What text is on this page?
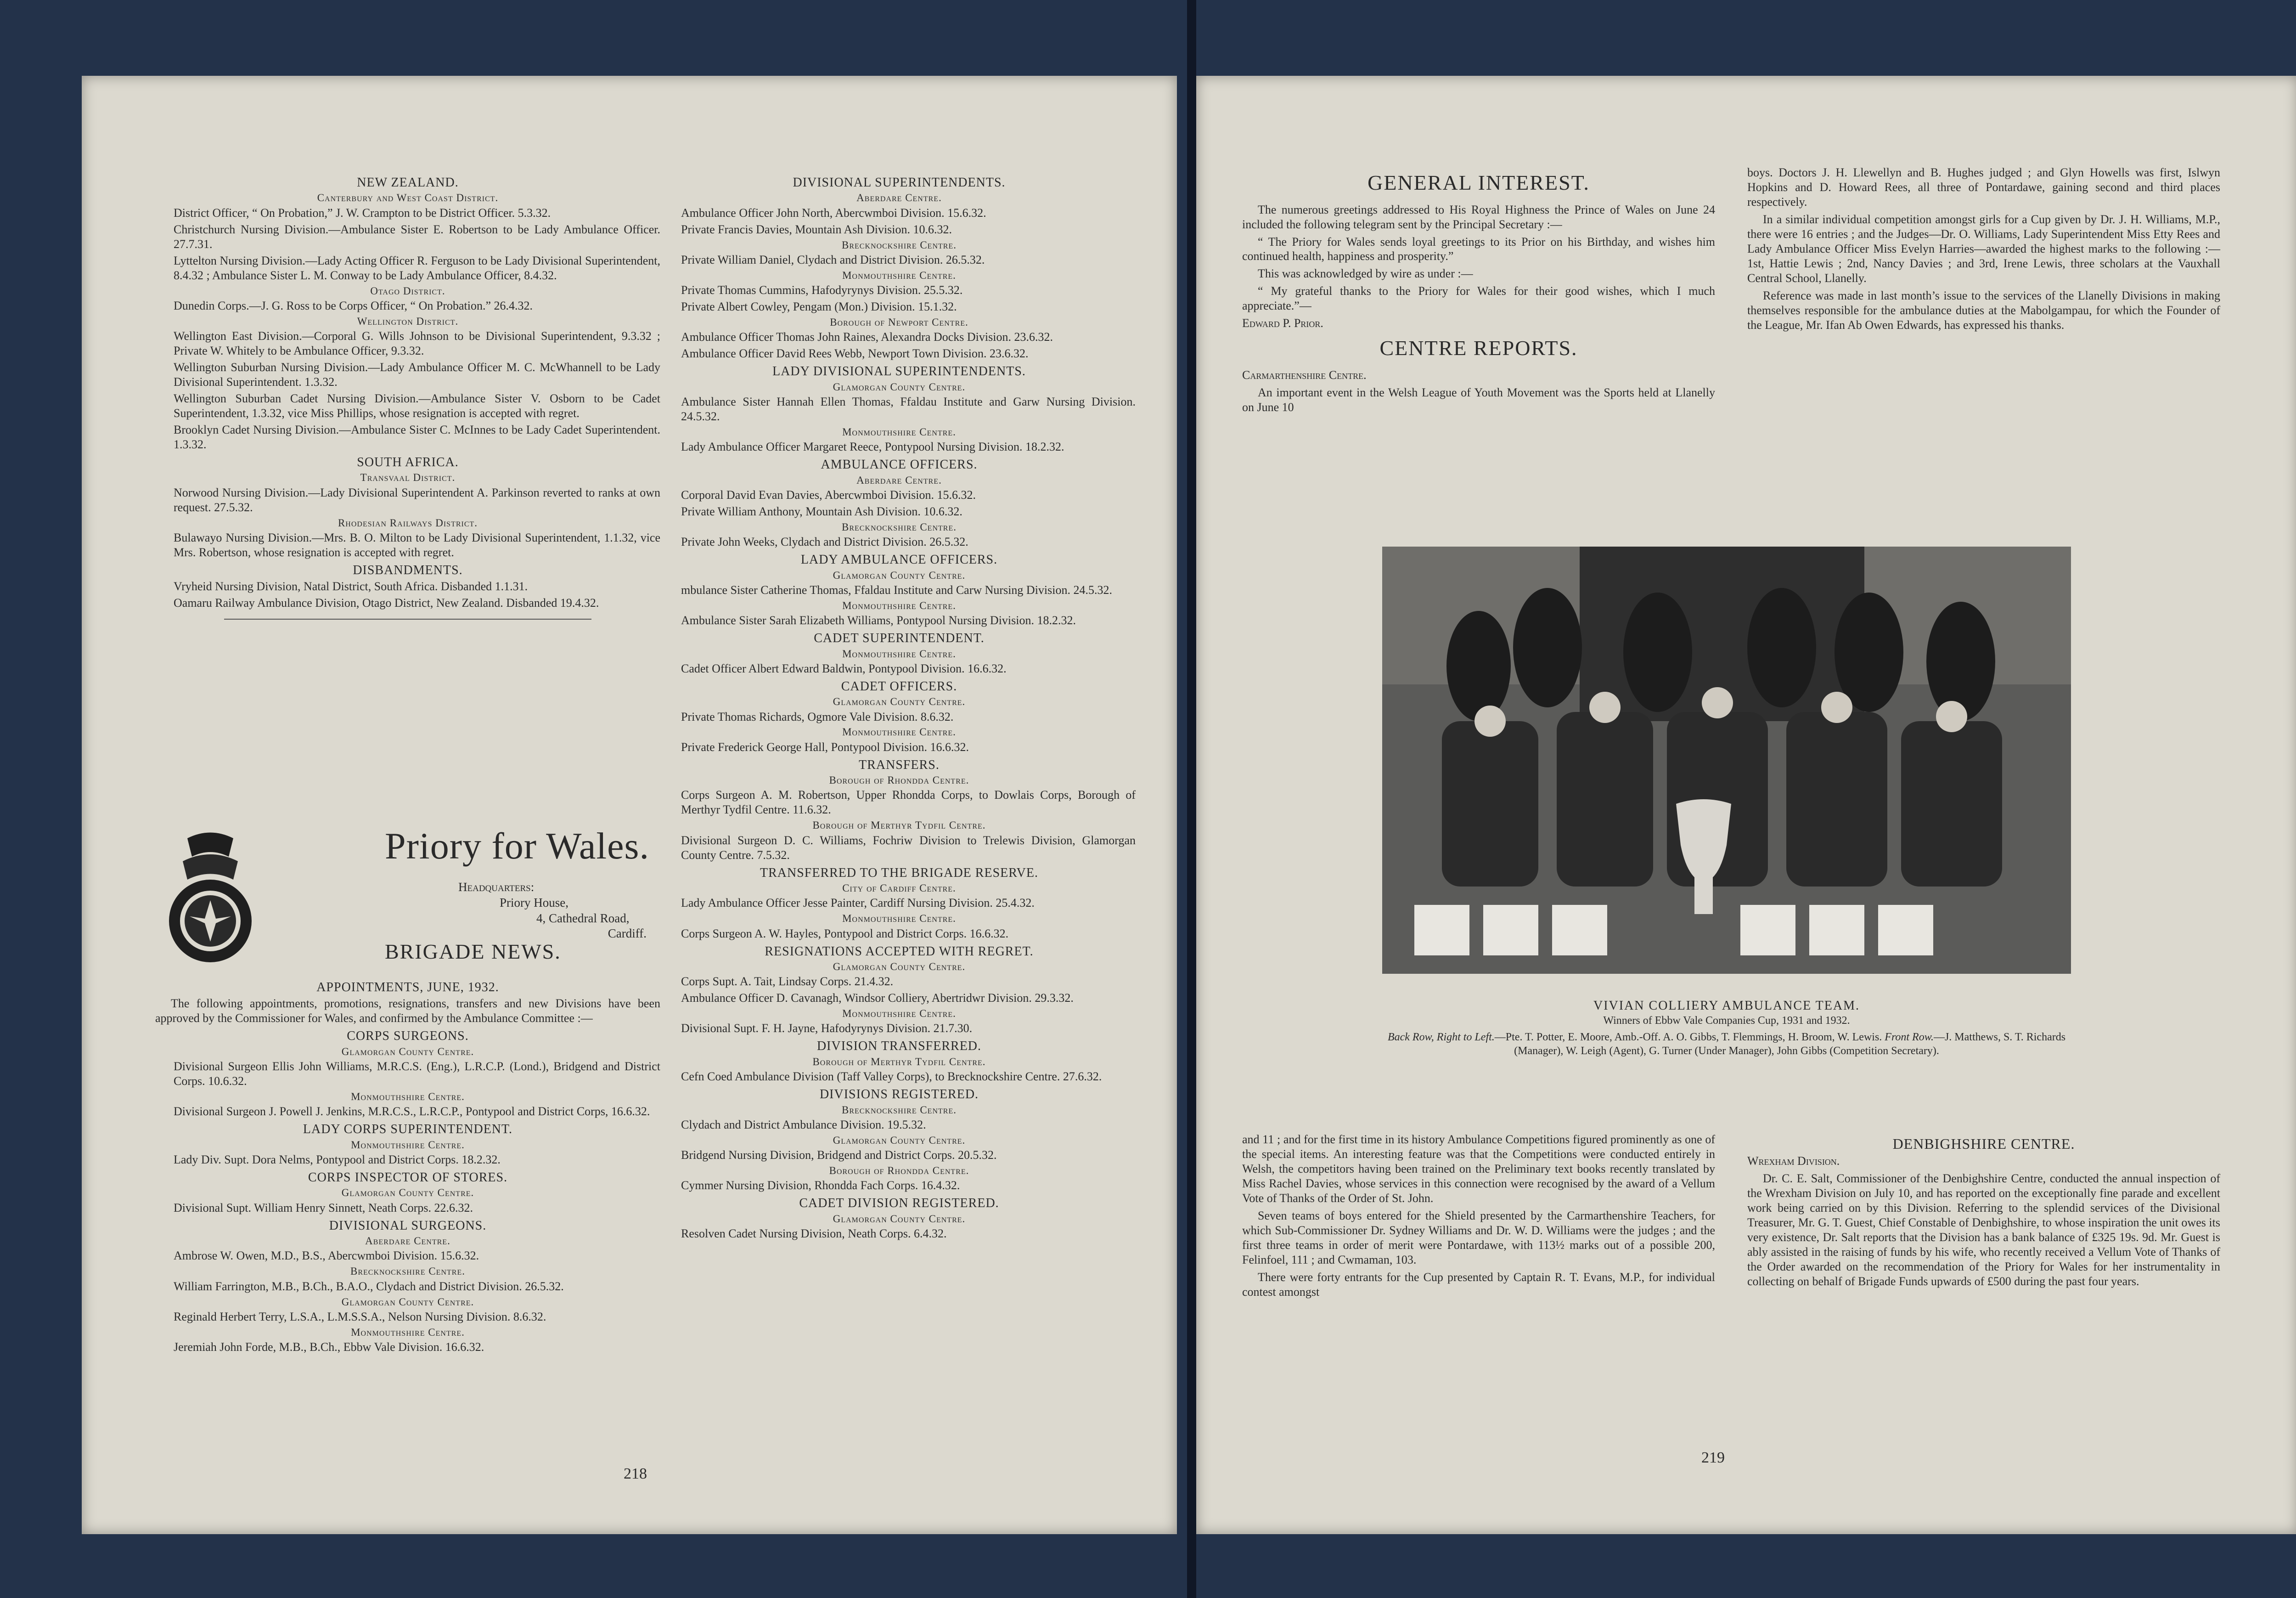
NEW ZEALAND.
Canterbury and West Coast District.

District Officer, “ On Probation,” J. W. Crampton to be District Officer. 5.3.32.

Christchurch Nursing Division.—Ambulance Sister E. Robertson to be Lady Ambulance Officer. 27.7.31.

Lyttelton Nursing Division.—Lady Acting Officer R. Ferguson to be Lady Divisional Superintendent, 8.4.32 ; Ambulance Sister L. M. Conway to be Lady Ambulance Officer, 8.4.32.

Otago District.

Dunedin Corps.—J. G. Ross to be Corps Officer, “ On Probation.” 26.4.32.

Wellington District.

Wellington East Division.—Corporal G. Wills Johnson to be Divisional Superintendent, 9.3.32 ; Private W. Whitely to be Ambulance Officer, 9.3.32.

Wellington Suburban Nursing Division.—Lady Ambulance Officer M. C. McWhannell to be Lady Divisional Superintendent. 1.3.32.

Wellington Suburban Cadet Nursing Division.—Ambulance Sister V. Osborn to be Cadet Superintendent, 1.3.32, vice Miss Phillips, whose resignation is accepted with regret.

Brooklyn Cadet Nursing Division.—Ambulance Sister C. McInnes to be Lady Cadet Superintendent. 1.3.32.

SOUTH AFRICA.
Transvaal District.

Norwood Nursing Division.—Lady Divisional Superintendent A. Parkinson reverted to ranks at own request. 27.5.32.

Rhodesian Railways District.

Bulawayo Nursing Division.—Mrs. B. O. Milton to be Lady Divisional Superintendent, 1.1.32, vice Mrs. Robertson, whose resignation is accepted with regret.

DISBANDMENTS.

Vryheid Nursing Division, Natal District, South Africa. Disbanded 1.1.31.

Oamaru Railway Ambulance Division, Otago District, New Zealand. Disbanded 19.4.32.

Priory for Wales.
Headquarters:
Priory House,
4, Cathedral Road,
Cardiff.
BRIGADE NEWS.
APPOINTMENTS, JUNE, 1932.

The following appointments, promotions, resignations, transfers and new Divisions have been approved by the Commissioner for Wales, and confirmed by the Ambulance Committee :—

CORPS SURGEONS.
Glamorgan County Centre.

Divisional Surgeon Ellis John Williams, M.R.C.S. (Eng.), L.R.C.P. (Lond.), Bridgend and District Corps. 10.6.32.

Monmouthshire Centre.

Divisional Surgeon J. Powell J. Jenkins, M.R.C.S., L.R.C.P., Pontypool and District Corps, 16.6.32.

LADY CORPS SUPERINTENDENT.
Monmouthshire Centre.

Lady Div. Supt. Dora Nelms, Pontypool and District Corps. 18.2.32.

CORPS INSPECTOR OF STORES.
Glamorgan County Centre.

Divisional Supt. William Henry Sinnett, Neath Corps. 22.6.32.

DIVISIONAL SURGEONS.
Aberdare Centre.

Ambrose W. Owen, M.D., B.S., Abercwmboi Division. 15.6.32.

Brecknockshire Centre.

William Farrington, M.B., B.Ch., B.A.O., Clydach and District Division. 26.5.32.

Glamorgan County Centre.

Reginald Herbert Terry, L.S.A., L.M.S.S.A., Nelson Nursing Division. 8.6.32.

Monmouthshire Centre.

Jeremiah John Forde, M.B., B.Ch., Ebbw Vale Division. 16.6.32.

DIVISIONAL SUPERINTENDENTS.
Aberdare Centre.

Ambulance Officer John North, Abercwmboi Division. 15.6.32.

Private Francis Davies, Mountain Ash Division. 10.6.32.

Brecknockshire Centre.

Private William Daniel, Clydach and District Division. 26.5.32.

Monmouthshire Centre.

Private Thomas Cummins, Hafodyrynys Division. 25.5.32.

Private Albert Cowley, Pengam (Mon.) Division. 15.1.32.

Borough of Newport Centre.

Ambulance Officer Thomas John Raines, Alexandra Docks Division. 23.6.32.

Ambulance Officer David Rees Webb, Newport Town Division. 23.6.32.

LADY DIVISIONAL SUPERINTENDENTS.
Glamorgan County Centre.

Ambulance Sister Hannah Ellen Thomas, Ffaldau Institute and Garw Nursing Division. 24.5.32.

Monmouthshire Centre.

Lady Ambulance Officer Margaret Reece, Pontypool Nursing Division. 18.2.32.

AMBULANCE OFFICERS.
Aberdare Centre.

Corporal David Evan Davies, Abercwmboi Division. 15.6.32.

Private William Anthony, Mountain Ash Division. 10.6.32.

Brecknockshire Centre.

Private John Weeks, Clydach and District Division. 26.5.32.

LADY AMBULANCE OFFICERS.
Glamorgan County Centre.

mbulance Sister Catherine Thomas, Ffaldau Institute and Carw Nursing Division. 24.5.32.

Monmouthshire Centre.

Ambulance Sister Sarah Elizabeth Williams, Pontypool Nursing Division. 18.2.32.

CADET SUPERINTENDENT.
Monmouthshire Centre.

Cadet Officer Albert Edward Baldwin, Pontypool Division. 16.6.32.

CADET OFFICERS.
Glamorgan County Centre.

Private Thomas Richards, Ogmore Vale Division. 8.6.32.

Monmouthshire Centre.

Private Frederick George Hall, Pontypool Division. 16.6.32.

TRANSFERS.
Borough of Rhondda Centre.

Corps Surgeon A. M. Robertson, Upper Rhondda Corps, to Dowlais Corps, Borough of Merthyr Tydfil Centre. 11.6.32.

Borough of Merthyr Tydfil Centre.

Divisional Surgeon D. C. Williams, Fochriw Division to Trelewis Division, Glamorgan County Centre. 7.5.32.

TRANSFERRED TO THE BRIGADE RESERVE.
City of Cardiff Centre.

Lady Ambulance Officer Jesse Painter, Cardiff Nursing Division. 25.4.32.

Monmouthshire Centre.

Corps Surgeon A. W. Hayles, Pontypool and District Corps. 16.6.32.

RESIGNATIONS ACCEPTED WITH REGRET.
Glamorgan County Centre.

Corps Supt. A. Tait, Lindsay Corps. 21.4.32.

Ambulance Officer D. Cavanagh, Windsor Colliery, Abertridwr Division. 29.3.32.

Monmouthshire Centre.

Divisional Supt. F. H. Jayne, Hafodyrynys Division. 21.7.30.

DIVISION TRANSFERRED.
Borough of Merthyr Tydfil Centre.

Cefn Coed Ambulance Division (Taff Valley Corps), to Brecknockshire Centre. 27.6.32.

DIVISIONS REGISTERED.
Brecknockshire Centre.

Clydach and District Ambulance Division. 19.5.32.

Glamorgan County Centre.

Bridgend Nursing Division, Bridgend and District Corps. 20.5.32.

Borough of Rhondda Centre.

Cymmer Nursing Division, Rhondda Fach Corps. 16.4.32.

CADET DIVISION REGISTERED.
Glamorgan County Centre.

Resolven Cadet Nursing Division, Neath Corps. 6.4.32.

218
GENERAL INTEREST.

The numerous greetings addressed to His Royal Highness the Prince of Wales on June 24 included the following telegram sent by the Principal Secretary :—

“ The Priory for Wales sends loyal greetings to its Prior on his Birthday, and wishes him continued health, happiness and prosperity.”

This was acknowledged by wire as under :—

“ My grateful thanks to the Priory for Wales for their good wishes, which I much appreciate.”—

Edward P. Prior.

CENTRE REPORTS.

Carmarthenshire Centre.

An important event in the Welsh League of Youth Movement was the Sports held at Llanelly on June 10

boys. Doctors J. H. Llewellyn and B. Hughes judged ; and Glyn Howells was first, Islwyn Hopkins and D. Howard Rees, all three of Pontardawe, gaining second and third places respectively.

In a similar individual competition amongst girls for a Cup given by Dr. J. H. Williams, M.P., there were 16 entries ; and the Judges—Dr. O. Williams, Lady Superintendent Miss Etty Rees and Lady Ambulance Officer Miss Evelyn Harries—awarded the highest marks to the following :—1st, Hattie Lewis ; 2nd, Nancy Davies ; and 3rd, Irene Lewis, three scholars at the Vauxhall Central School, Llanelly.

Reference was made in last month’s issue to the services of the Llanelly Divisions in making themselves responsible for the ambulance duties at the Mabolgampau, for which the Founder of the League, Mr. Ifan Ab Owen Edwards, has expressed his thanks.

and 11 ; and for the first time in its history Ambulance Competitions figured prominently as one of the special items. An interesting feature was that the Competitions were conducted entirely in Welsh, the competitors having been trained on the Preliminary text books recently translated by Miss Rachel Davies, whose services in this connection were recognised by the award of a Vellum Vote of Thanks of the Order of St. John.

Seven teams of boys entered for the Shield presented by the Carmarthenshire Teachers, for which Sub-Commissioner Dr. Sydney Williams and Dr. W. D. Williams were the judges ; and the first three teams in order of merit were Pontardawe, with 113½ marks out of a possible 200, Felinfoel, 111 ; and Cwmaman, 103.

There were forty entrants for the Cup presented by Captain R. T. Evans, M.P., for individual contest amongst

DENBIGHSHIRE CENTRE.

Wrexham Division.

Dr. C. E. Salt, Commissioner of the Denbighshire Centre, conducted the annual inspection of the Wrexham Division on July 10, and has reported on the exceptionally fine parade and excellent work being carried on by this Division. Referring to the splendid services of the Divisional Treasurer, Mr. G. T. Guest, Chief Constable of Denbighshire, to whose inspiration the unit owes its very existence, Dr. Salt reports that the Division has a bank balance of £325 19s. 9d. Mr. Guest is ably assisted in the raising of funds by his wife, who recently received a Vellum Vote of Thanks of the Order awarded on the recommendation of the Priory for Wales for her instrumentality in collecting on behalf of Brigade Funds upwards of £500 during the past four years.

219
VIVIAN COLLIERY AMBULANCE TEAM.
Winners of Ebbw Vale Companies Cup, 1931 and 1932.
Back Row, Right to Left.—Pte. T. Potter, E. Moore, Amb.-Off. A. O. Gibbs, T. Flemmings, H. Broom, W. Lewis. Front Row.—J. Matthews, S. T. Richards (Manager), W. Leigh (Agent), G. Turner (Under Manager), John Gibbs (Competition Secretary).
